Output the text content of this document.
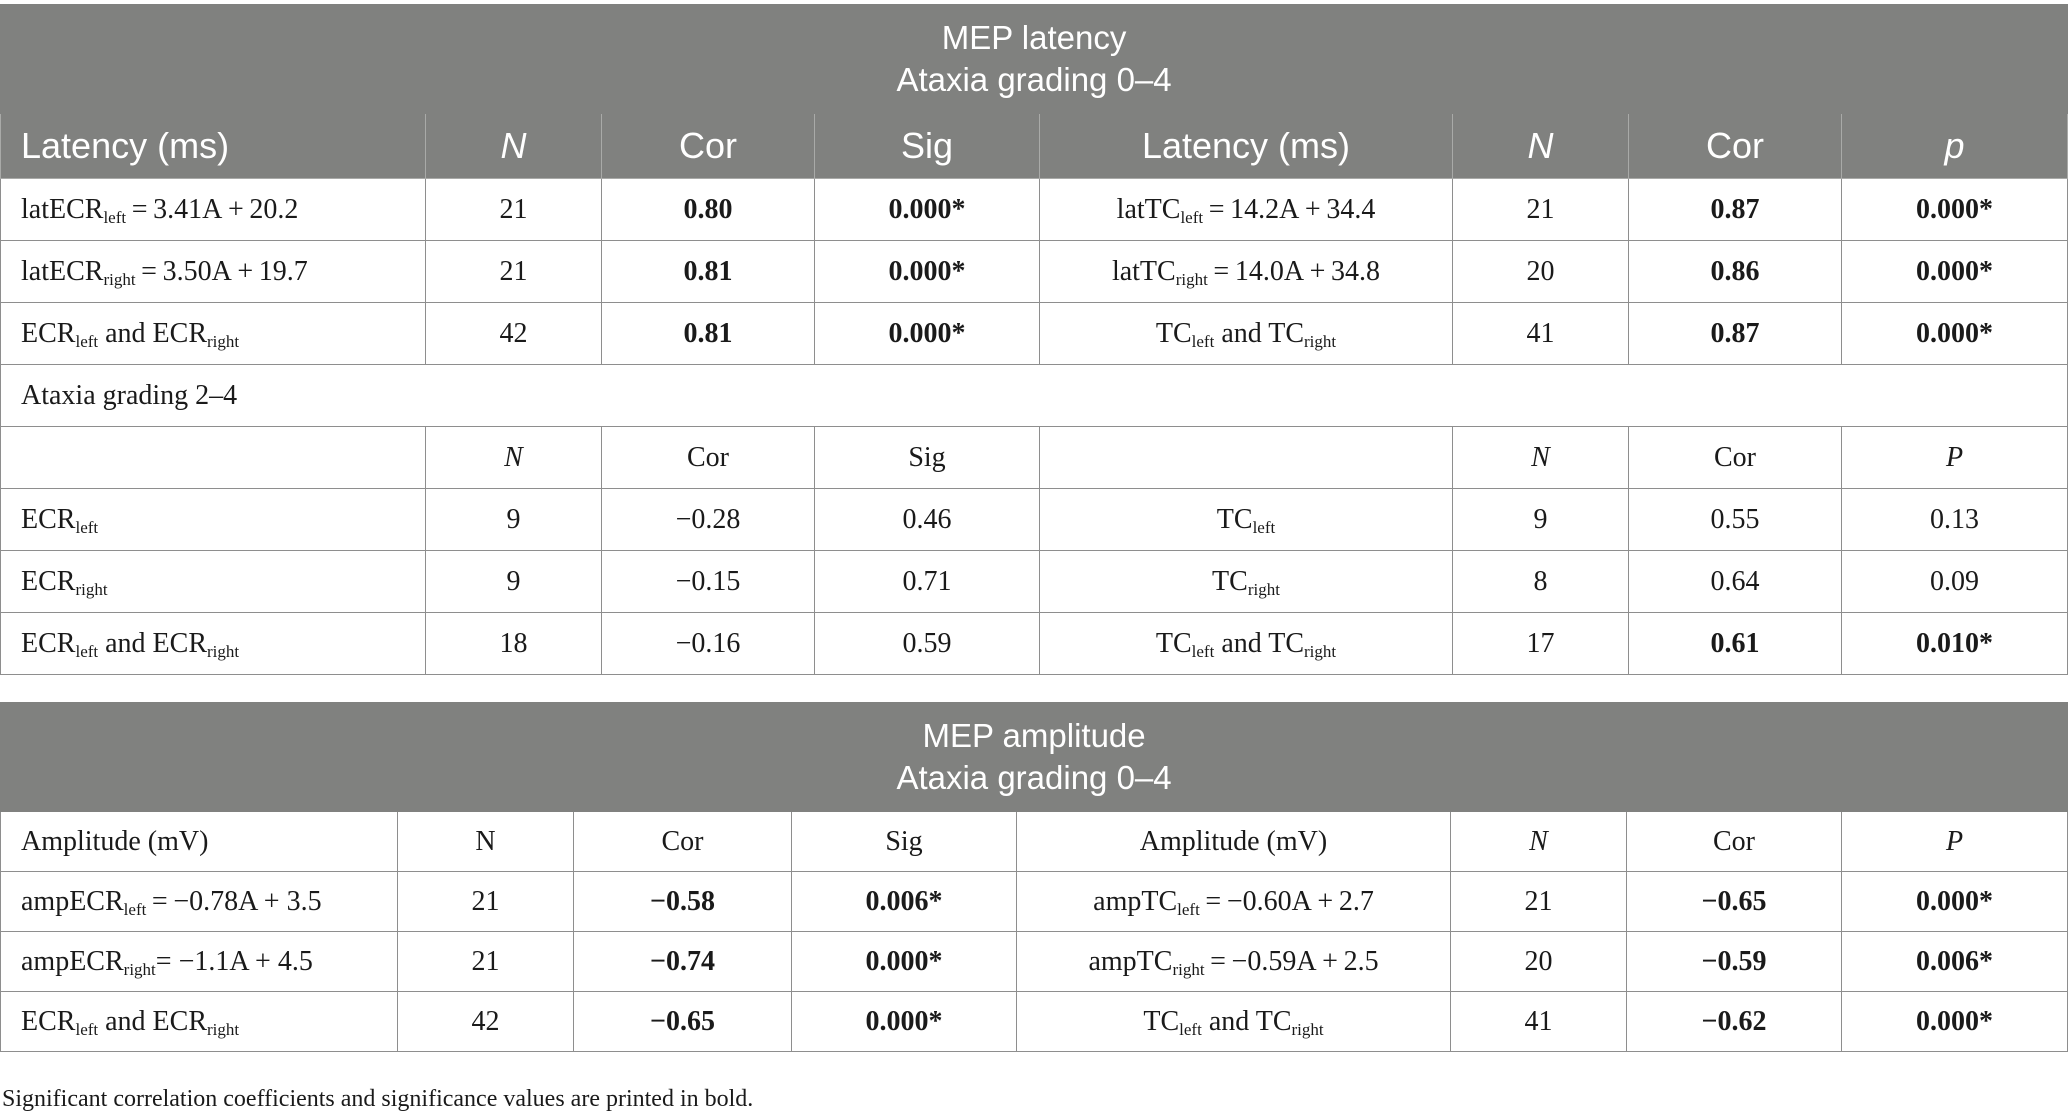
MEP latency
Ataxia grading 0–4							

Latency (ms)	N	Cor	Sig	Latency (ms)	N	Cor	p
latECR$_{left}$ = 3.41A + 20.2	21	0.80	0.000*	latTC$_{left}$ = 14.2A + 34.4	21	0.87	0.000*
latECR$_{right}$ = 3.50A + 19.7	21	0.81	0.000*	latTC$_{right}$ = 14.0A + 34.8	20	0.86	0.000*
$ECR_{left}$ and $ECR_{right}$	42	0.81	0.000*	$TC_{left}$ and $TC_{right}$	41	0.87	0.000*
Ataxia grading 2–4							
	N	Cor	Sig		N	Cor	P
$ECR_{left}$	9	−0.28	0.46	$TC_{left}$	9	0.55	0.13
$ECR_{right}$	9	−0.15	0.71	$TC_{right}$	8	0.64	0.09
$ECR_{left}$ and $ECR_{right}$	18	−0.16	0.59	$TC_{left}$ and $TC_{right}$	17	0.61	0.010*
MEP amplitude
Ataxia grading 0–4							

Amplitude (mV)	N	Cor	Sig	Amplitude (mV)	N	Cor	P
ampECR$_{left}$ = −0.78A + 3.5	21	−0.58	0.006*	ampTC$_{left}$ = −0.60A + 2.7	21	−0.65	0.000*
ampECR$_{right}$= −1.1A + 4.5	21	−0.74	0.000*	ampTC$_{right}$ = −0.59A + 2.5	20	−0.59	0.006*
$ECR_{left}$ and $ECR_{right}$	42	−0.65	0.000*	$TC_{left}$ and $TC_{right}$	41	−0.62	0.000*
Significant correlation coefficients and significance values are printed in bold.
